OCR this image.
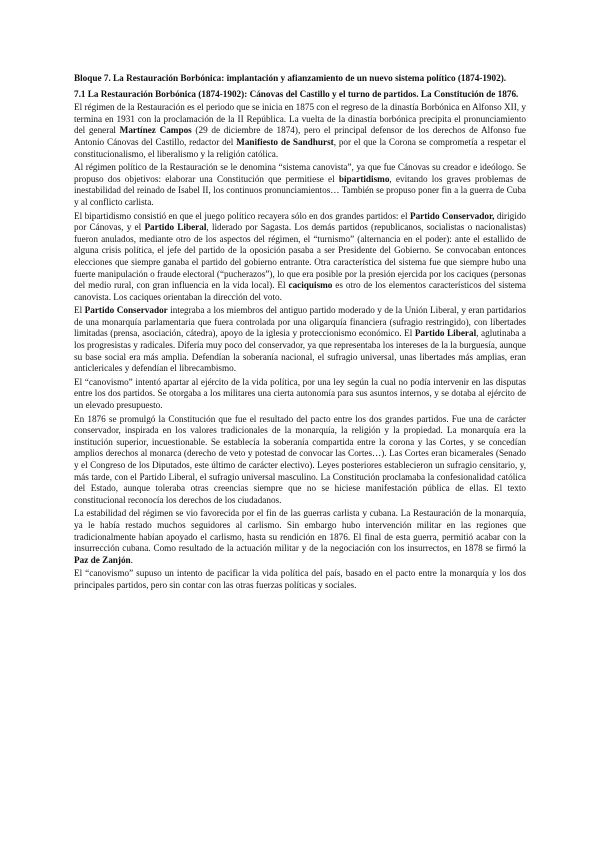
Bloque 7. La Restauración Borbónica: implantación y afianzamiento de un nuevo sistema político (1874-1902).
7.1 La Restauración Borbónica (1874-1902): Cánovas del Castillo y el turno de partidos. La Constitución de 1876.

El régimen de la Restauración es el periodo que se inicia en 1875 con el regreso de la dinastía Borbónica en Alfonso XII, y termina en 1931 con la proclamación de la II República. La vuelta de la dinastía borbónica precipita el pronunciamiento del general Martínez Campos (29 de diciembre de 1874), pero el principal defensor de los derechos de Alfonso fue Antonio Cánovas del Castillo, redactor del Manifiesto de Sandhurst, por el que la Corona se comprometía a respetar el constitucionalismo, el liberalismo y la religión católica.

Al régimen político de la Restauración se le denomina “sistema canovista”, ya que fue Cánovas su creador e ideólogo. Se propuso dos objetivos: elaborar una Constitución que permitiese el bipartidismo, evitando los graves problemas de inestabilidad del reinado de Isabel II, los continuos pronunciamientos… También se propuso poner fin a la guerra de Cuba y al conflicto carlista.

El bipartidismo consistió en que el juego político recayera sólo en dos grandes partidos: el Partido Conservador, dirigido por Cánovas, y el Partido Liberal, liderado por Sagasta. Los demás partidos (republicanos, socialistas o nacionalistas) fueron anulados, mediante otro de los aspectos del régimen, el “turnismo” (alternancia en el poder): ante el estallido de alguna crisis política, el jefe del partido de la oposición pasaba a ser Presidente del Gobierno. Se convocaban entonces elecciones que siempre ganaba el partido del gobierno entrante. Otra característica del sistema fue que siempre hubo una fuerte manipulación o fraude electoral (“pucherazos”), lo que era posible por la presión ejercida por los caciques (personas del medio rural, con gran influencia en la vida local). El caciquismo es otro de los elementos característicos del sistema canovista. Los caciques orientaban la dirección del voto.

El Partido Conservador integraba a los miembros del antiguo partido moderado y de la Unión Liberal, y eran partidarios de una monarquía parlamentaria que fuera controlada por una oligarquía financiera (sufragio restringido), con libertades limitadas (prensa, asociación, cátedra), apoyo de la iglesia y proteccionismo económico. El Partido Liberal, aglutinaba a los progresistas y radicales. Difería muy poco del conservador, ya que representaba los intereses de la la burguesía, aunque su base social era más amplia. Defendían la soberanía nacional, el sufragio universal, unas libertades más amplias, eran anticlericales y defendían el librecambismo.

El “canovismo” intentó apartar al ejército de la vida política, por una ley según la cual no podía intervenir en las disputas entre los dos partidos. Se otorgaba a los militares una cierta autonomía para sus asuntos internos, y se dotaba al ejército de un elevado presupuesto.

En 1876 se promulgó la Constitución que fue el resultado del pacto entre los dos grandes partidos. Fue una de carácter conservador, inspirada en los valores tradicionales de la monarquía, la religión y la propiedad. La monarquía era la institución superior, incuestionable. Se establecía la soberanía compartida entre la corona y las Cortes, y se concedían amplios derechos al monarca (derecho de veto y potestad de convocar las Cortes…). Las Cortes eran bicamerales (Senado y el Congreso de los Diputados, este último de carácter electivo). Leyes posteriores establecieron un sufragio censitario, y, más tarde, con el Partido Liberal, el sufragio universal masculino. La Constitución proclamaba la confesionalidad católica del Estado, aunque toleraba otras creencias siempre que no se hiciese manifestación pública de ellas. El texto constitucional reconocía los derechos de los ciudadanos.

La estabilidad del régimen se vio favorecida por el fin de las guerras carlista y cubana. La Restauración de la monarquía, ya le había restado muchos seguidores al carlismo. Sin embargo hubo intervención militar en las regiones que tradicionalmente habían apoyado el carlismo, hasta su rendición en 1876. El final de esta guerra, permitió acabar con la insurrección cubana. Como resultado de la actuación militar y de la negociación con los insurrectos, en 1878 se firmó la Paz de Zanjón.

El “canovismo” supuso un intento de pacificar la vida política del país, basado en el pacto entre la monarquía y los dos principales partidos, pero sin contar con las otras fuerzas políticas y sociales.
